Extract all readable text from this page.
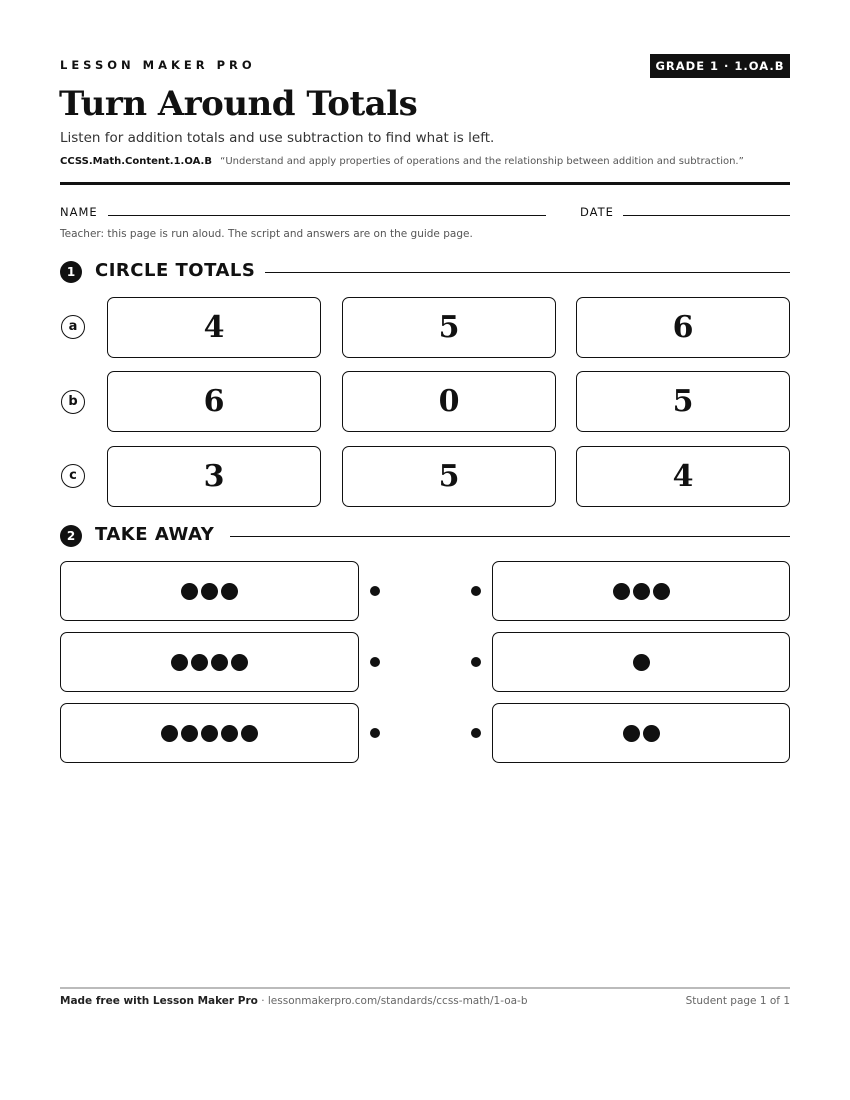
LESSON MAKER PRO	GRADE 1 · 1.OA.B
Turn Around Totals
Listen for addition totals and use subtraction to find what is left.
CCSS.Math.Content.1.OA.B “Understand and apply properties of operations and the relationship between addition and subtraction.”
NAME	DATE
Teacher: this page is run aloud. The script and answers are on the guide page.
1	CIRCLE TOTALS
a	4	5	6
b	6	0	5
c	3	5	4
2	TAKE AWAY
Made free with Lesson Maker Pro · lessonmakerpro.com/standards/ccss-math/1-oa-b	Student page 1 of 1
